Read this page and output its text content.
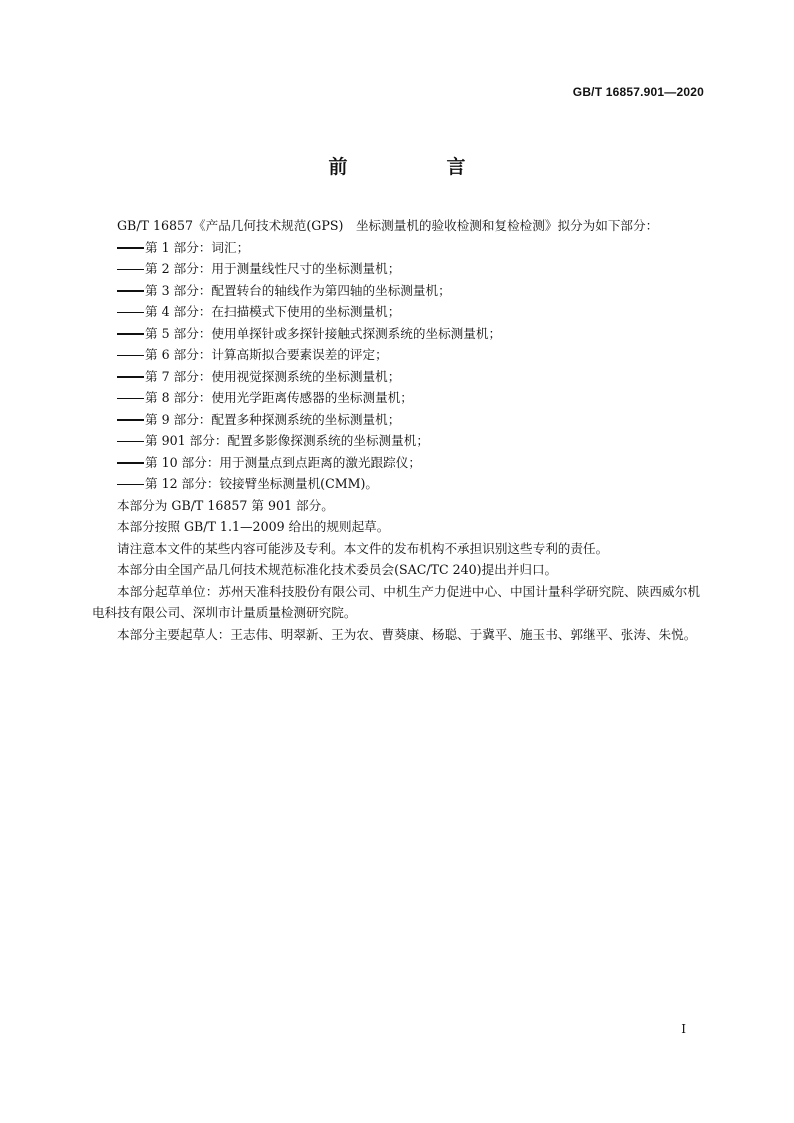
GB/T 16857.901—2020
前　言

GB/T 16857《产品几何技术规范(GPS)　坐标测量机的验收检测和复检检测》拟分为如下部分：

第 1 部分：词汇；

第 2 部分：用于测量线性尺寸的坐标测量机；

第 3 部分：配置转台的轴线作为第四轴的坐标测量机；

第 4 部分：在扫描模式下使用的坐标测量机；

第 5 部分：使用单探针或多探针接触式探测系统的坐标测量机；

第 6 部分：计算高斯拟合要素误差的评定；

第 7 部分：使用视觉探测系统的坐标测量机；

第 8 部分：使用光学距离传感器的坐标测量机；

第 9 部分：配置多种探测系统的坐标测量机；

第 901 部分：配置多影像探测系统的坐标测量机；

第 10 部分：用于测量点到点距离的激光跟踪仪；

第 12 部分：铰接臂坐标测量机(CMM)。

本部分为 GB/T 16857 第 901 部分。

本部分按照 GB/T 1.1—2009 给出的规则起草。

请注意本文件的某些内容可能涉及专利。本文件的发布机构不承担识别这些专利的责任。

本部分由全国产品几何技术规范标准化技术委员会(SAC/TC 240)提出并归口。

本部分起草单位：苏州天准科技股份有限公司、中机生产力促进中心、中国计量科学研究院、陕西威尔机电科技有限公司、深圳市计量质量检测研究院。

本部分主要起草人：王志伟、明翠新、王为农、曹葵康、杨聪、于冀平、施玉书、郭继平、张涛、朱悦。

I
